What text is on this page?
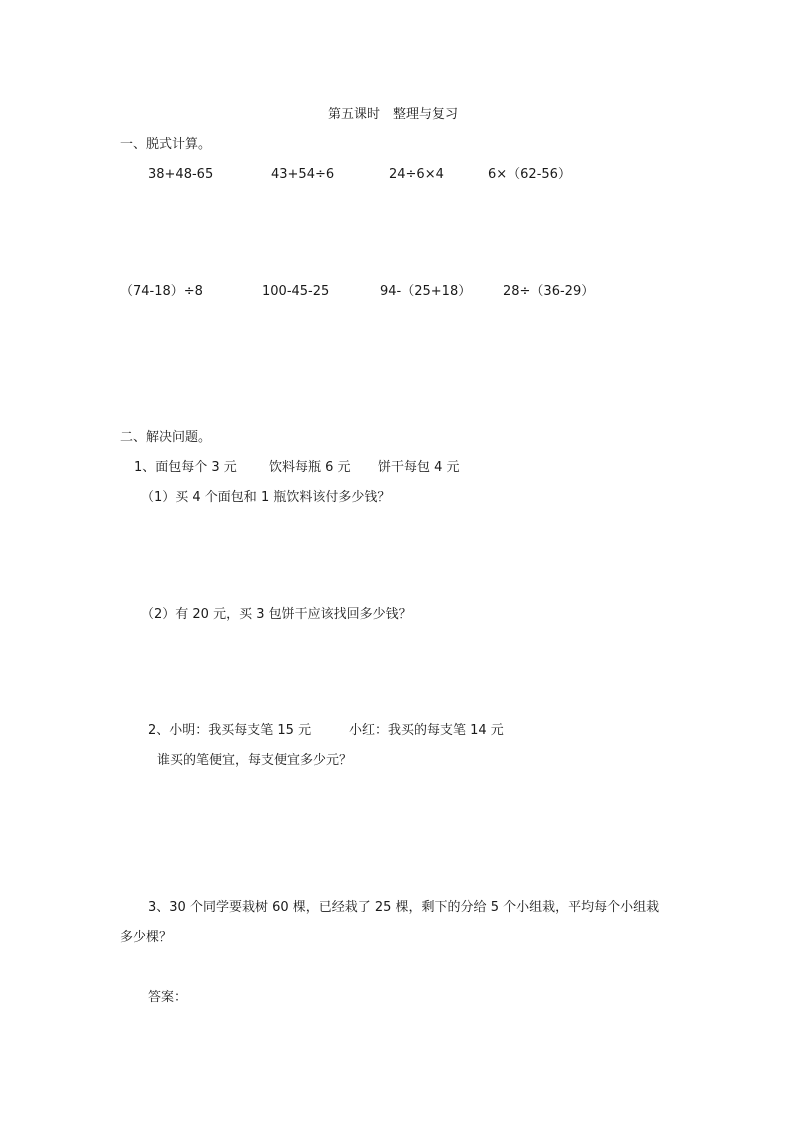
第五课时　整理与复习
一、脱式计算。
38+48-65	43+54÷6	24÷6×4	6×（62-56）
（74-18）÷8	100-45-25	94-（25+18） 28÷（36-29）
二、解决问题。
1、面包每个 3 元 饮料每瓶 6 元 饼干每包 4 元
（1）买 4 个面包和 1 瓶饮料该付多少钱？
（2）有 20 元，买 3 包饼干应该找回多少钱？
2、小明：我买每支笔 15 元	小红：我买的每支笔 14 元
谁买的笔便宜，每支便宜多少元？
3、30 个同学要栽树 60 棵，已经栽了 25 棵，剩下的分给 5 个小组栽，平均每个小组栽
多少棵？
答案：
